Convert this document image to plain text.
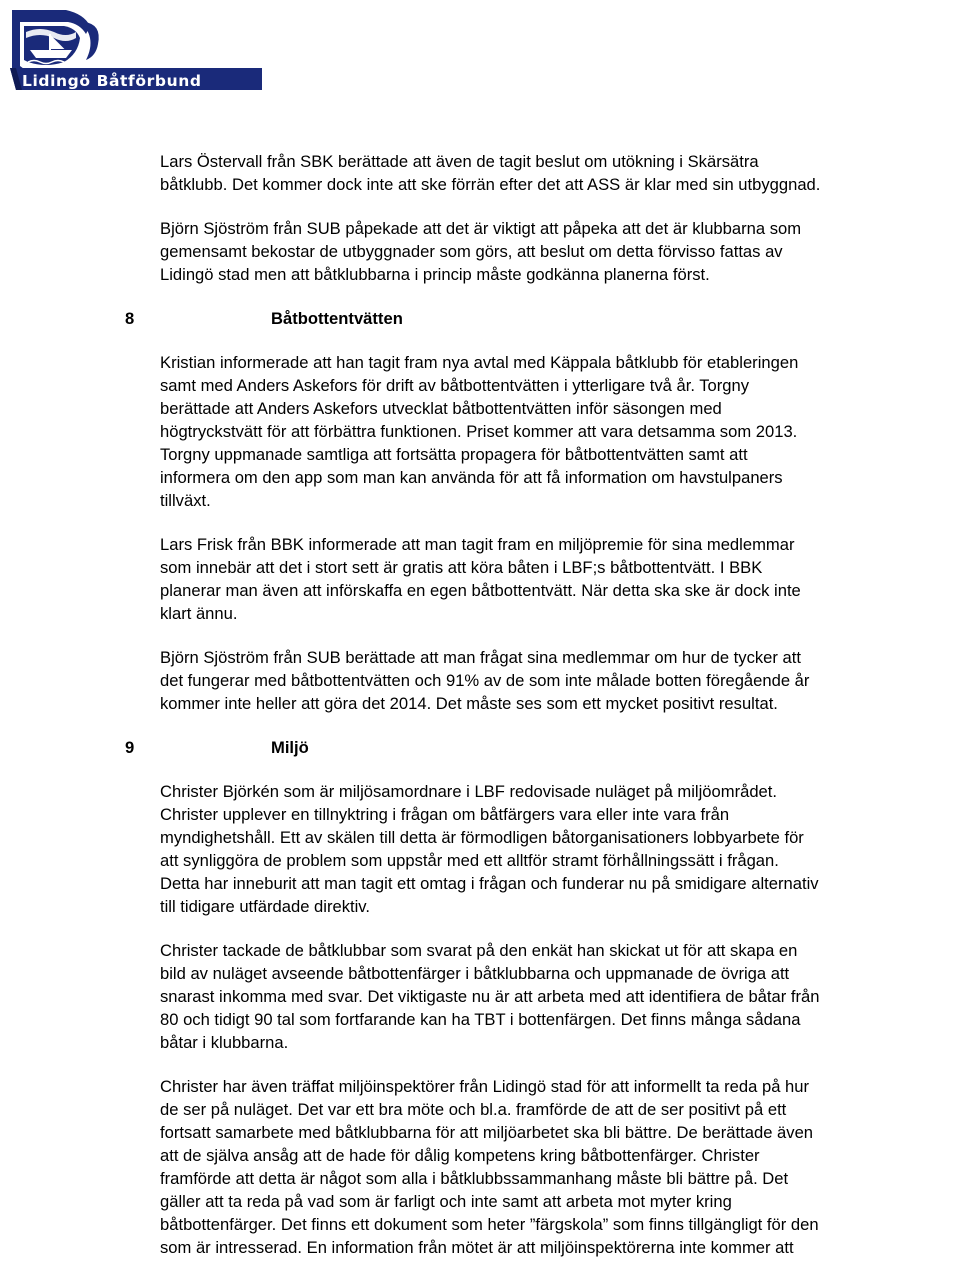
Lidingö Båtförbund

Lars Östervall från SBK berättade att även de tagit beslut om utökning i Skärsätra
båtklubb. Det kommer dock inte att ske förrän efter det att ASS är klar med sin utbyggnad.

Björn Sjöström från SUB påpekade att det är viktigt att påpeka att det är klubbarna som
gemensamt bekostar de utbyggnader som görs, att beslut om detta förvisso fattas av
Lidingö stad men att båtklubbarna i princip måste godkänna planerna först.

8	Båtbottentvätten

Kristian informerade att han tagit fram nya avtal med Käppala båtklubb för etableringen
samt med Anders Askefors för drift av båtbottentvätten i ytterligare två år. Torgny
berättade att Anders Askefors utvecklat båtbottentvätten inför säsongen med
högtryckstvätt för att förbättra funktionen. Priset kommer att vara detsamma som 2013.
Torgny uppmanade samtliga att fortsätta propagera för båtbottentvätten samt att
informera om den app som man kan använda för att få information om havstulpaners
tillväxt.

Lars Frisk från BBK informerade att man tagit fram en miljöpremie för sina medlemmar
som innebär att det i stort sett är gratis att köra båten i LBF;s båtbottentvätt. I BBK
planerar man även att införskaffa en egen båtbottentvätt. När detta ska ske är dock inte
klart ännu.

Björn Sjöström från SUB berättade att man frågat sina medlemmar om hur de tycker att
det fungerar med båtbottentvätten och 91% av de som inte målade botten föregående år
kommer inte heller att göra det 2014. Det måste ses som ett mycket positivt resultat.

9	Miljö

Christer Björkén som är miljösamordnare i LBF redovisade nuläget på miljöområdet.
Christer upplever en tillnyktring i frågan om båtfärgers vara eller inte vara från
myndighetshåll. Ett av skälen till detta är förmodligen båtorganisationers lobbyarbete för
att synliggöra de problem som uppstår med ett alltför stramt förhållningssätt i frågan.
Detta har inneburit att man tagit ett omtag i frågan och funderar nu på smidigare alternativ
till tidigare utfärdade direktiv.

Christer tackade de båtklubbar som svarat på den enkät han skickat ut för att skapa en
bild av nuläget avseende båtbottenfärger i båtklubbarna och uppmanade de övriga att
snarast inkomma med svar. Det viktigaste nu är att arbeta med att identifiera de båtar från
80 och tidigt 90 tal som fortfarande kan ha TBT i bottenfärgen. Det finns många sådana
båtar i klubbarna.

Christer har även träffat miljöinspektörer från Lidingö stad för att informellt ta reda på hur
de ser på nuläget. Det var ett bra möte och bl.a. framförde de att de ser positivt på ett
fortsatt samarbete med båtklubbarna för att miljöarbetet ska bli bättre. De berättade även
att de själva ansåg att de hade för dålig kompetens kring båtbottenfärger. Christer
framförde att detta är något som alla i båtklubbssammanhang måste bli bättre på. Det
gäller att ta reda på vad som är farligt och inte samt att arbeta mot myter kring
båtbottenfärger. Det finns ett dokument som heter ”färgskola” som finns tillgängligt för den
som är intresserad. En information från mötet är att miljöinspektörerna inte kommer att
